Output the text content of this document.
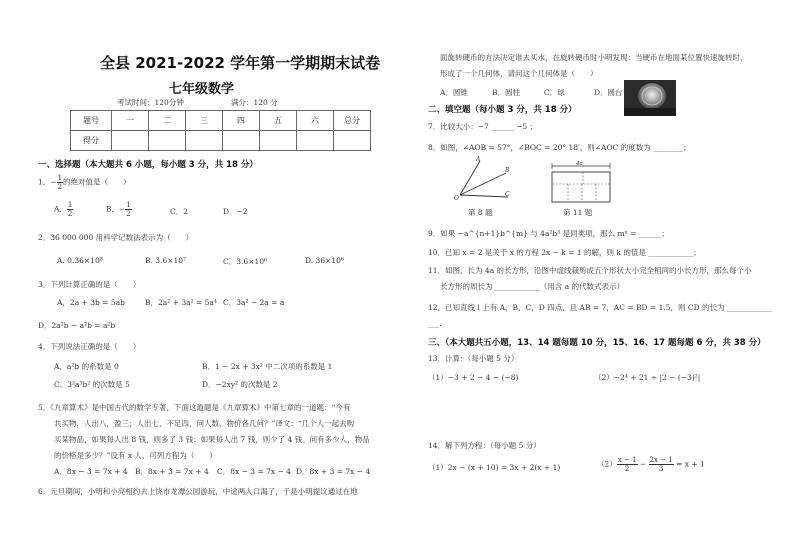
全县 2021-2022 学年第一学期期末试卷
七年级数学
考试时间：120分钟	满分：120 分
题号	一	二	三	四	五	六	总分
得分							
一、选择题（本大题共 6 小题，每小题 3 分，共 18 分）
1．− $\frac{1}{2}$ 的绝对值是（　　）
A． $\frac{1}{2}$	B．− $\frac{1}{2}$	C．2	D．−2
2．36 000 000 用科学记数法表示为（　　）
A. 0.36×10⁸	B. 3.6×10⁷	C．3.6×10⁶	D. 36×10⁶
3．下列计算正确的是（　　）
A．2a + 3b = 5ab	B．2a² + 3a² = 5a⁴ C．3a² − 2a = a
D．2a²b − a²b = a²b
4．下列说法正确的是（　　）
A．a²b 的系数是 0	B．1 − 2x + 3x² 中二次项的系数是 1
C．3²a³b² 的次数是 5	D．−2xy² 的次数是 2
5．《九章算术》是中国古代的数学专著，下面这道题是《九章算术》中第七章的一道题：“今有
共买物，人出八，盈三；人出七，不足四，问人数、物价各几何？”译文：“几个人一起去购
买某物品，如果每人出 8 钱，则多了 3 钱；如果每人出 7 钱，则少了 4 钱。问有多少人，物品
的价格是多少？”设有 x 人，可列方程为（　　）
A．8x − 3 = 7x + 4 B．8x + 3 = 7x + 4 C．8x − 3 = 7x − 4 D．8x + 3 = 7x − 4
6．元旦期间，小明和小亮相约去上饶市龙潭公园游玩，中途两人口渴了，于是小明提议通过在地
面旋转硬币的方法决定谁去买水，在旋转硬币时小明发现：当硬币在地面某位置快速旋转时，
形成了一个几何体，请问这个几何体是（　　）
A．圆锥	B．圆柱	C．球	D．圆台
二、填空题（每小题 3 分，共 18 分）
7．比较大小：−7 ______ −5 ；
8．如图，∠AOB = 57°，∠BOC = 20° 18′，则∠AOC 的度数为 ________；
A
B
C
O
第 8 题
4a
第 11 题
9．如果 −a^{n+1}b^{m} 与 4a²b³ 是同类项，那么 mⁿ = ______；
10．已知 x = 2 是关于 x 的方程 2x − k = 1 的解，则 k 的值是 ____________；
11．如图，长为 4a 的长方形，沿图中虚线裁剪成五个形状大小完全相同的小长方形，那么每个小
长方形的周长为 ____________（用含 a 的代数式表示）
12．已知直线 l 上有 A，B，C，D 四点，且 AB = 7，AC = BD = 1.5，则 CD 的长为 ____________
___.
三、（本大题共五小题，13、14 题每题 10 分，15、16、17 题每题 6 分，共 38 分）
13．计算：（每小题 5 分）
（1）−3 + 2 − 4 − (−8)	（2）−2⁴ + 21 ÷ |2 − (−3)²|
14．解下列方程：（每小题 5 分）
（1）2x − (x + 10) = 3x + 2(x + 1)	$(2) \frac{x - 1}{2} - \frac{2x - 1}{3} = x + 1$
